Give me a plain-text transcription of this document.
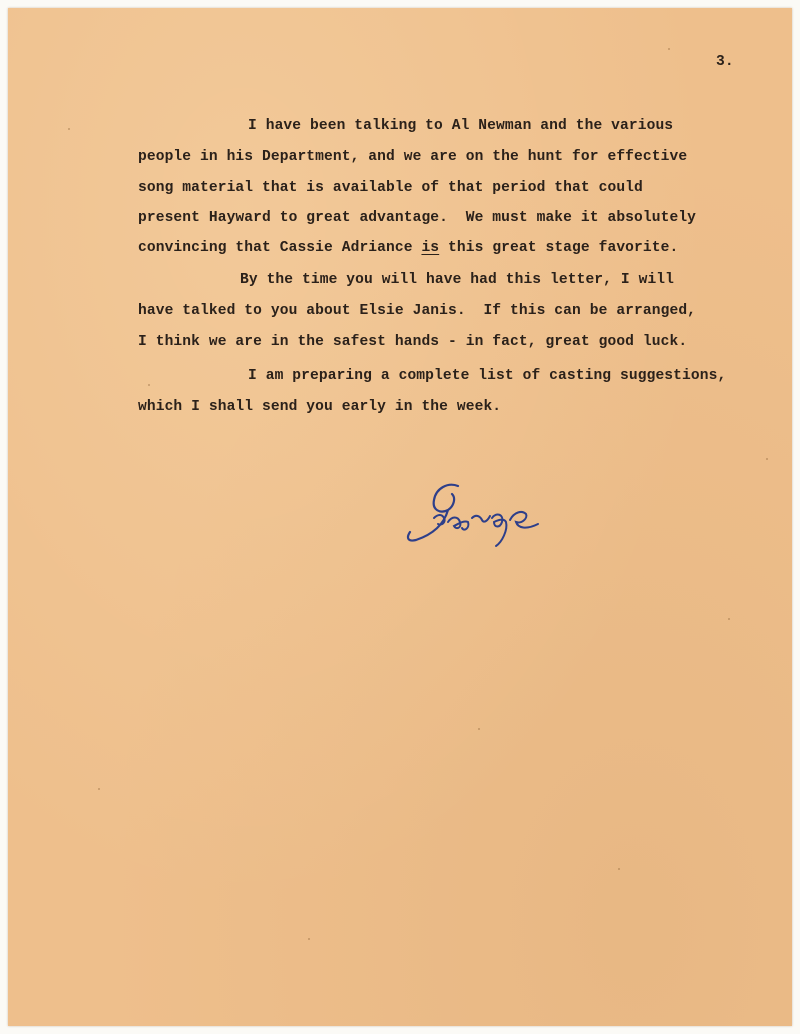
3.
I have been talking to Al Newman and the various
people in his Department, and we are on the hunt for effective
song material that is available of that period that could
present Hayward to great advantage.  We must make it absolutely
convincing that Cassie Adriance is this great stage favorite.
By the time you will have had this letter, I will
have talked to you about Elsie Janis.  If this can be arranged,
I think we are in the safest hands - in fact, great good luck.
I am preparing a complete list of casting suggestions,
which I shall send you early in the week.
